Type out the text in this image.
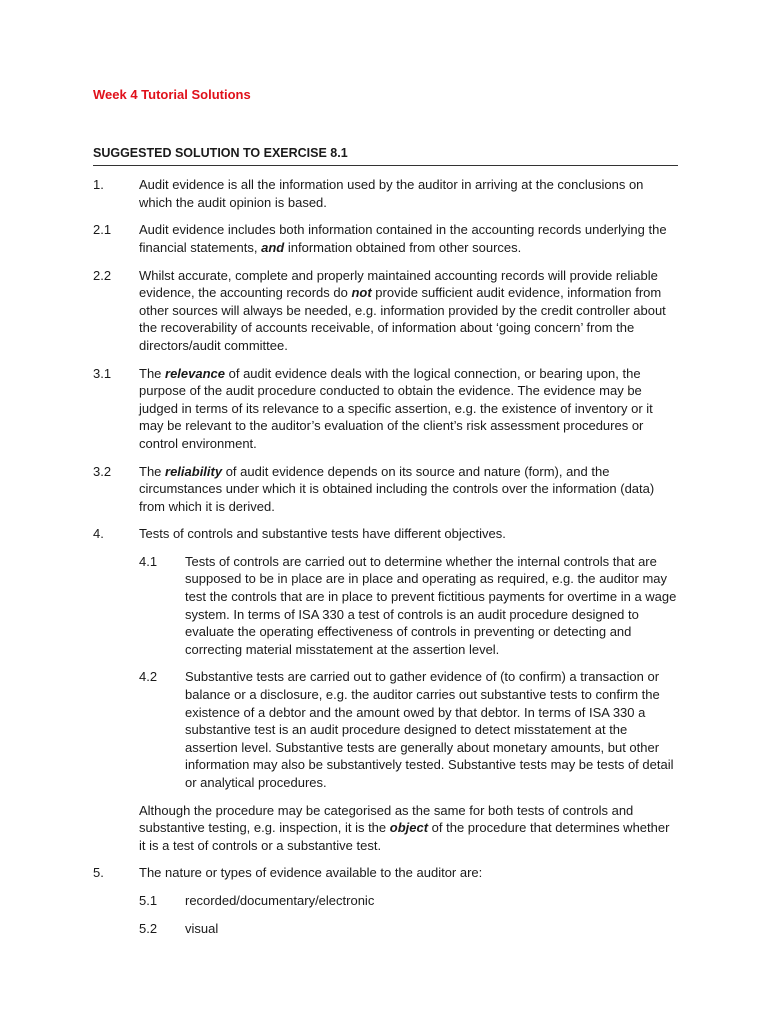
Week 4 Tutorial Solutions
SUGGESTED SOLUTION TO EXERCISE 8.1
1.	Audit evidence is all the information used by the auditor in arriving at the conclusions on which the audit opinion is based.
2.1	Audit evidence includes both information contained in the accounting records underlying the financial statements, and information obtained from other sources.
2.2	Whilst accurate, complete and properly maintained accounting records will provide reliable evidence, the accounting records do not provide sufficient audit evidence, information from other sources will always be needed, e.g. information provided by the credit controller about the recoverability of accounts receivable, of information about ‘going concern’ from the directors/audit committee.
3.1	The relevance of audit evidence deals with the logical connection, or bearing upon, the purpose of the audit procedure conducted to obtain the evidence. The evidence may be judged in terms of its relevance to a specific assertion, e.g. the existence of inventory or it may be relevant to the auditor’s evaluation of the client’s risk assessment procedures or control environment.
3.2	The reliability of audit evidence depends on its source and nature (form), and the circumstances under which it is obtained including the controls over the information (data) from which it is derived.
4.	Tests of controls and substantive tests have different objectives.
4.1	Tests of controls are carried out to determine whether the internal controls that are supposed to be in place are in place and operating as required, e.g. the auditor may test the controls that are in place to prevent fictitious payments for overtime in a wage system. In terms of ISA 330 a test of controls is an audit procedure designed to evaluate the operating effectiveness of controls in preventing or detecting and correcting material misstatement at the assertion level.
4.2	Substantive tests are carried out to gather evidence of (to confirm) a transaction or balance or a disclosure, e.g. the auditor carries out substantive tests to confirm the existence of a debtor and the amount owed by that debtor. In terms of ISA 330 a substantive test is an audit procedure designed to detect misstatement at the assertion level. Substantive tests are generally about monetary amounts, but other information may also be substantively tested. Substantive tests may be tests of detail or analytical procedures.
Although the procedure may be categorised as the same for both tests of controls and substantive testing, e.g. inspection, it is the object of the procedure that determines whether it is a test of controls or a substantive test.
5.	The nature or types of evidence available to the auditor are:
5.1	recorded/documentary/electronic
5.2	visual
